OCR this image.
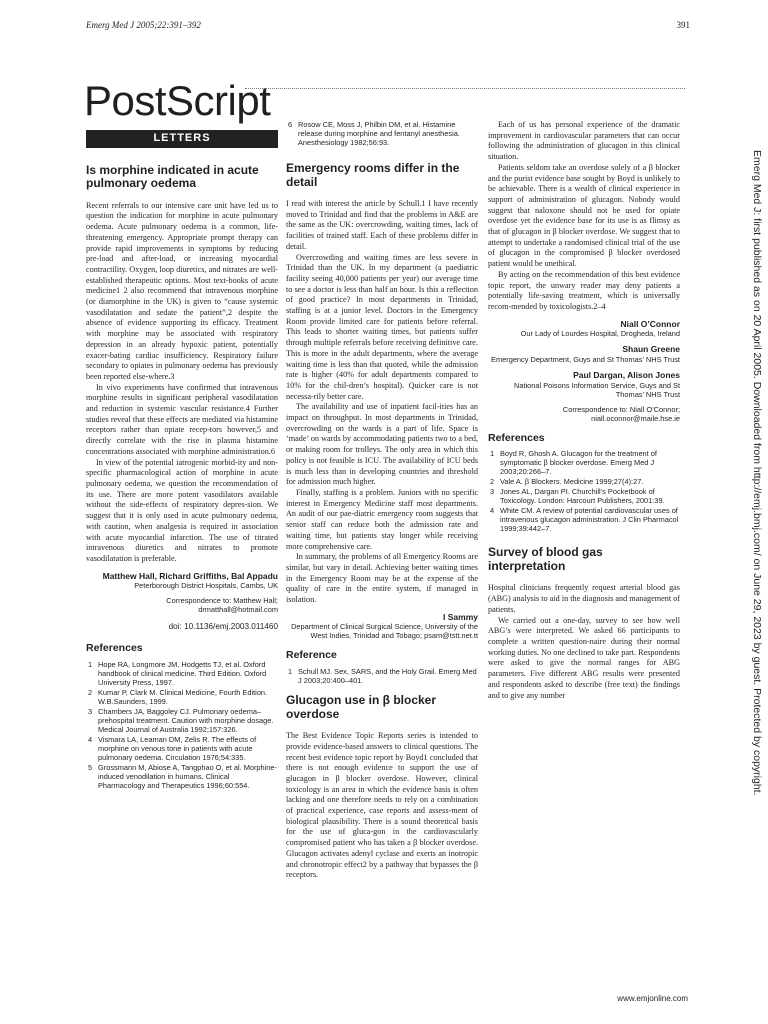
Emerg Med J 2005;22:391–392	391
PostScript
LETTERS
Is morphine indicated in acute pulmonary oedema

Recent referrals to our intensive care unit have led us to question the indication for morphine in acute pulmonary oedema. Acute pulmonary oedema is a common, life-threatening emergency. Appropriate prompt therapy can provide rapid improvements in symptoms by reducing pre-load and after-load, or increasing myocardial contractility. Oxygen, loop diuretics, and nitrates are well-established therapeutic options. Most text-books of acute medicine1 2 also recommend that intravenous morphine (or diamorphine in the UK) is given to “cause systemic vasodilatation and sedate the patient”,2 despite the absence of evidence supporting its efficacy. Treatment with morphine may be associated with respiratory depression in an already hypoxic patient, potentially exacer-bating cardiac insufficiency. Respiratory failure secondary to opiates in pulmonary oedema has previously been reported else-where.3

In vivo experiments have confirmed that intravenous morphine results in significant peripheral vasodilatation and reduction in systemic vascular resistance.4 Further studies reveal that these effects are mediated via histamine receptors rather than opiate recep-tors however,5 and directly correlate with the rise in plasma histamine concentrations associated with morphine administration.6

In view of the potential iatrogenic morbid-ity and non-specific pharmacological action of morphine in acute pulmonary oedema, we question the recommendation of its use. There are more potent vasodilators available without the side-effects of respiratory depres-sion. We suggest that it is only used in acute pulmonary oedema, with caution, when analgesia is required in association with acute myocardial infarction. The use of titrated intravenous diuretics and nitrates to promote vasodilatation is preferable.

Matthew Hall, Richard Griffiths, Bal Appadu
Peterborough District Hospitals, Cambs, UK
Correspondence to: Matthew Hall; drmatthall@hotmail.com
doi: 10.1136/emj.2003.011460
References
1 Hope RA, Longmore JM, Hodgetts TJ, et al. Oxford handbook of clinical medicine. Third Edition. Oxford University Press, 1997.
2 Kumar P, Clark M. Clinical Medicine, Fourth Edition. W.B.Saunders, 1999.
3 Chambers JA, Baggoley CJ. Pulmonary oedema–prehospital treatment. Caution with morphine dosage. Medical Journal of Australia 1992;157:326.
4 Vismara LA, Leaman DM, Zelis R. The effects of morphine on venous tone in patients with acute pulmonary oedema. Circulation 1976;54:335.
5 Grossmann M, Abiose A, Tangphao O, et al. Morphine-induced venodilation in humans. Clinical Pharmacology and Therapeutics 1996;60:554.
6 Rosow CE, Moss J, Philbin DM, et al. Histamine release during morphine and fentanyl anesthesia. Anesthesiology 1982;56:93.
Emergency rooms differ in the detail

I read with interest the article by Schull.1 I have recently moved to Trinidad and find that the problems in A&E are the same as the UK: overcrowding, waiting times, lack of facilities of trained staff. Each of these problems differ in detail.

Overcrowding and waiting times are less severe in Trinidad than the UK. In my department (a paediatric facility seeing 40,000 patients per year) our average time to see a doctor is less than half an hour. Is this a reflection of good practice? In most departments in Trinidad, staffing is at a junior level. Doctors in the Emergency Room provide limited care for patients before referral. This leads to shorter waiting times, but patients suffer through multiple referrals before receiving definitive care. This is more in the adult departments, where the average waiting time is less than that quoted, while the admission rate is higher (40% for adult departments compared to 10% for the chil-dren’s hospital). Quicker care is not necessa-rily better care.

The availability and use of inpatient facil-ities has an impact on throughput. In most departments in Trinidad, overcrowding on the wards is a part of life. Space is ‘made’ on wards by accommodating patients two to a bed, or making room for trolleys. The only area in which this policy is not feasible is ICU. The availability of ICU beds is much less than in developing countries and threshold for admission much higher.

Finally, staffing is a problem. Juniors with no specific interest in Emergency Medicine staff most departments. An audit of our pae-diatric emergency room suggests that senior staff can reduce both the admission rate and waiting time, but patients stay longer while receiving more comprehensive care.

In summary, the problems of all Emergency Rooms are similar, but vary in detail. Achieving better waiting times in the Emergency Room may be at the expense of the quality of care in the entire system, if managed in isolation.

I Sammy
Department of Clinical Surgical Science, University of the West Indies, Trinidad and Tobago; psam@tstt.net.tt
Reference
1 Schull MJ. Sex, SARS, and the Holy Grail. Emerg Med J 2003;20:400–401.
Glucagon use in β blocker overdose

The Best Evidence Topic Reports series is intended to provide evidence-based answers to clinical questions. The recent best evidence topic report by Boyd1 concluded that there is not enough evidence to support the use of glucagon in β blocker overdose. However, clinical toxicology is an area in which the evidence basis is often lacking and one therefore needs to rely on a combination of practical experience, case reports and assess-ment of biological plausibility. There is a sound theoretical basis for the use of gluca-gon in the cardiovascularly compromised patient who has taken a β blocker overdose. Glucagon activates adenyl cyclase and exerts an inotropic and chronotropic effect2 by a pathway that bypasses the β receptors.

Each of us has personal experience of the dramatic improvement in cardiovascular parameters that can occur following the administration of glucagon in this clinical situation.

Patients seldom take an overdose solely of a β blocker and the purist evidence base sought by Boyd is unlikely to be achievable. There is a wealth of clinical experience in support of administration of glucagon. Nobody would suggest that naloxone should not be used for opiate overdose yet the evidence base for its use is as flimsy as that of glucagon in β blocker overdose. We suggest that to attempt to undertake a randomised clinical trial of the use of glucagon in the compromised β blocker overdosed patient would be unethical.

By acting on the recommendation of this best evidence topic report, the unwary reader may deny patients a potentially life-saving treatment, which is universally recom-mended by toxicologists.2–4

Niall O’Connor
Our Lady of Lourdes Hospital, Drogheda, Ireland
Shaun Greene
Emergency Department, Guys and St Thomas’ NHS Trust
Paul Dargan, Alison Jones
National Poisons Information Service, Guys and St Thomas’ NHS Trust
Correspondence to: Niall O’Connor; niall.oconnor@maile.hse.ie
References
1 Boyd R, Ghosh A. Glucagon for the treatment of symptomatic β blocker overdose. Emerg Med J 2003;20:266–7.
2 Vale A. β Blockers. Medicine 1999;27(4):27.
3 Jones AL, Dargan PI. Churchill’s Pocketbook of Toxicology. London: Harcourt Publishers, 2001:39.
4 White CM. A review of potential cardiovascular uses of intravenous glucagon administration. J Clin Pharmacol 1999;39:442–7.
Survey of blood gas interpretation

Hospital clinicians frequently request arterial blood gas (ABG) analysis to aid in the diagnosis and management of patients.

We carried out a one-day, survey to see how well ABG’s were interpreted. We asked 66 participants to complete a written question-naire during their normal working duties. No one declined to take part. Respondents were asked to give the normal ranges for ABG parameters. Five different ABG results were presented and respondents asked to describe (free text) the findings and to give any number	Emerg Med J: first published as on 20 April 2005. Downloaded from http://emj.bmj.com/ on June 29, 2023 by guest. Protected by copyright.
www.emjonline.com
